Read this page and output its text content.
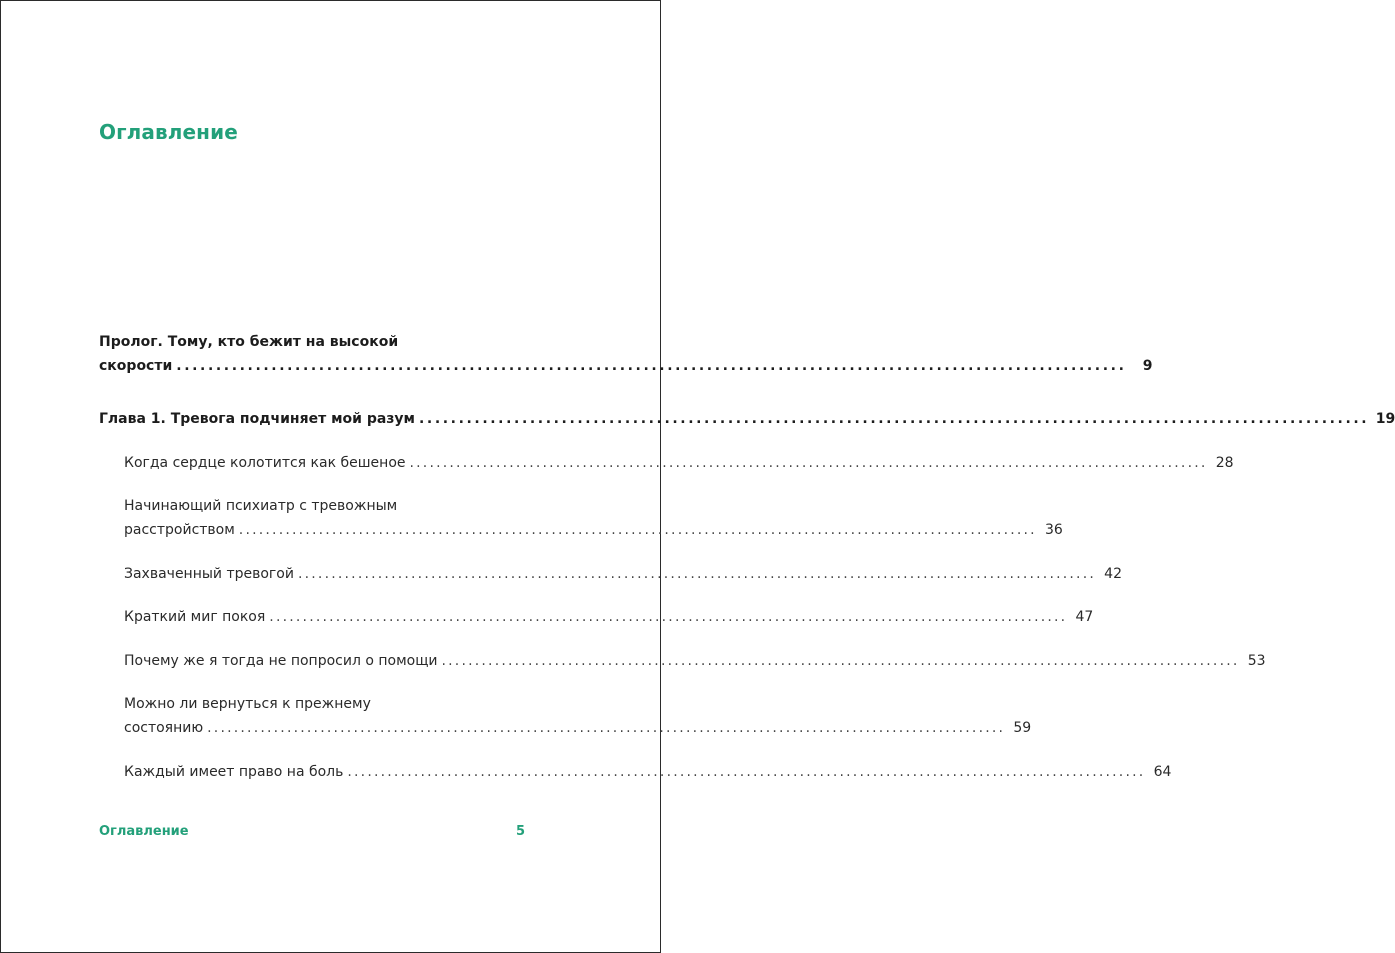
Оглавление
Пролог. Тому, кто бежит на высокой
скорости ........................................................................................................................	9
Глава 1. Тревога подчиняет мой разум ........................................................................................................................ 19
Когда сердце колотится как бешеное ........................................................................................................................ 28
Начинающий психиатр с тревожным
расстройством ........................................................................................................................ 36
Захваченный тревогой ........................................................................................................................ 42
Краткий миг покоя ........................................................................................................................ 47
Почему же я тогда не попросил о помощи ........................................................................................................................ 53
Можно ли вернуться к прежнему
состоянию ........................................................................................................................ 59
Каждый имеет право на боль ........................................................................................................................ 64
Оглавление	5
